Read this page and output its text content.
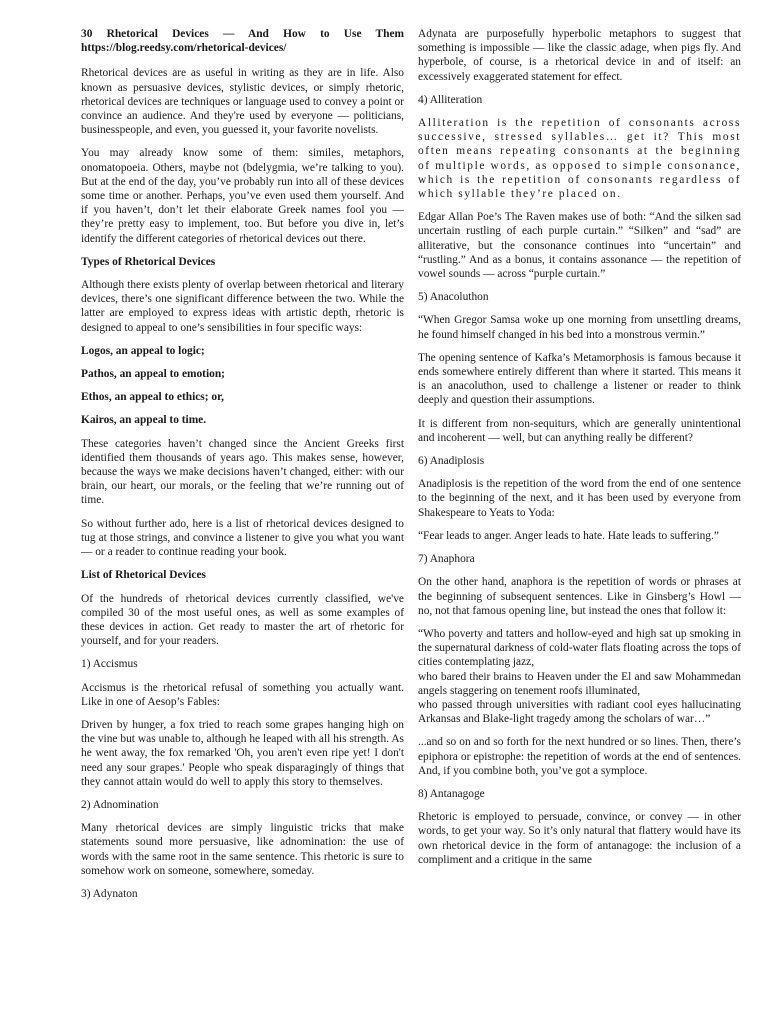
30 Rhetorical Devices — And How to Use Them https://blog.reedsy.com/rhetorical-devices/

Rhetorical devices are as useful in writing as they are in life. Also known as persuasive devices, stylistic devices, or simply rhetoric, rhetorical devices are techniques or language used to convey a point or convince an audience. And they're used by everyone — politicians, businesspeople, and even, you guessed it, your favorite novelists.

You may already know some of them: similes, metaphors, onomatopoeia. Others, maybe not (bdelygmia, we’re talking to you). But at the end of the day, you’ve probably run into all of these devices some time or another. Perhaps, you’ve even used them yourself. And if you haven’t, don’t let their elaborate Greek names fool you — they’re pretty easy to implement, too. But before you dive in, let’s identify the different categories of rhetorical devices out there.

Types of Rhetorical Devices

Although there exists plenty of overlap between rhetorical and literary devices, there’s one significant difference between the two. While the latter are employed to express ideas with artistic depth, rhetoric is designed to appeal to one’s sensibilities in four specific ways:

Logos, an appeal to logic;

Pathos, an appeal to emotion;

Ethos, an appeal to ethics; or,

Kairos, an appeal to time.

These categories haven’t changed since the Ancient Greeks first identified them thousands of years ago. This makes sense, however, because the ways we make decisions haven’t changed, either: with our brain, our heart, our morals, or the feeling that we’re running out of time.

So without further ado, here is a list of rhetorical devices designed to tug at those strings, and convince a listener to give you what you want — or a reader to continue reading your book.

List of Rhetorical Devices

Of the hundreds of rhetorical devices currently classified, we've compiled 30 of the most useful ones, as well as some examples of these devices in action. Get ready to master the art of rhetoric for yourself, and for your readers.

1) Accismus

Accismus is the rhetorical refusal of something you actually want. Like in one of Aesop’s Fables:

Driven by hunger, a fox tried to reach some grapes hanging high on the vine but was unable to, although he leaped with all his strength. As he went away, the fox remarked 'Oh, you aren't even ripe yet! I don't need any sour grapes.' People who speak disparagingly of things that they cannot attain would do well to apply this story to themselves.

2) Adnomination

Many rhetorical devices are simply linguistic tricks that make statements sound more persuasive, like adnomination: the use of words with the same root in the same sentence. This rhetoric is sure to somehow work on someone, somewhere, someday.

3) Adynaton

Adynata are purposefully hyperbolic metaphors to suggest that something is impossible — like the classic adage, when pigs fly. And hyperbole, of course, is a rhetorical device in and of itself: an excessively exaggerated statement for effect.

4) Alliteration

Alliteration is the repetition of consonants across successive, stressed syllables… get it? This most often means repeating consonants at the beginning of multiple words, as opposed to simple consonance, which is the repetition of consonants regardless of which syllable they’re placed on.

Edgar Allan Poe’s The Raven makes use of both: “And the silken sad uncertain rustling of each purple curtain.” “Silken” and “sad” are alliterative, but the consonance continues into “uncertain” and “rustling.” And as a bonus, it contains assonance — the repetition of vowel sounds — across “purple curtain.”

5) Anacoluthon

“When Gregor Samsa woke up one morning from unsettling dreams, he found himself changed in his bed into a monstrous vermin.”

The opening sentence of Kafka’s Metamorphosis is famous because it ends somewhere entirely different than where it started. This means it is an anacoluthon, used to challenge a listener or reader to think deeply and question their assumptions.

It is different from non-sequiturs, which are generally unintentional and incoherent — well, but can anything really be different?

6) Anadiplosis

Anadiplosis is the repetition of the word from the end of one sentence to the beginning of the next, and it has been used by everyone from Shakespeare to Yeats to Yoda:

“Fear leads to anger. Anger leads to hate. Hate leads to suffering.”

7) Anaphora

On the other hand, anaphora is the repetition of words or phrases at the beginning of subsequent sentences. Like in Ginsberg’s Howl — no, not that famous opening line, but instead the ones that follow it:

“Who poverty and tatters and hollow-eyed and high sat up smoking in the supernatural darkness of cold-water flats floating across the tops of cities contemplating jazz,

who bared their brains to Heaven under the El and saw Mohammedan angels staggering on tenement roofs illuminated,

who passed through universities with radiant cool eyes hallucinating Arkansas and Blake-light tragedy among the scholars of war…”

...and so on and so forth for the next hundred or so lines. Then, there’s epiphora or epistrophe: the repetition of words at the end of sentences. And, if you combine both, you’ve got a symploce.

8) Antanagoge

Rhetoric is employed to persuade, convince, or convey — in other words, to get your way. So it’s only natural that flattery would have its own rhetorical device in the form of antanagoge: the inclusion of a compliment and a critique in the same
